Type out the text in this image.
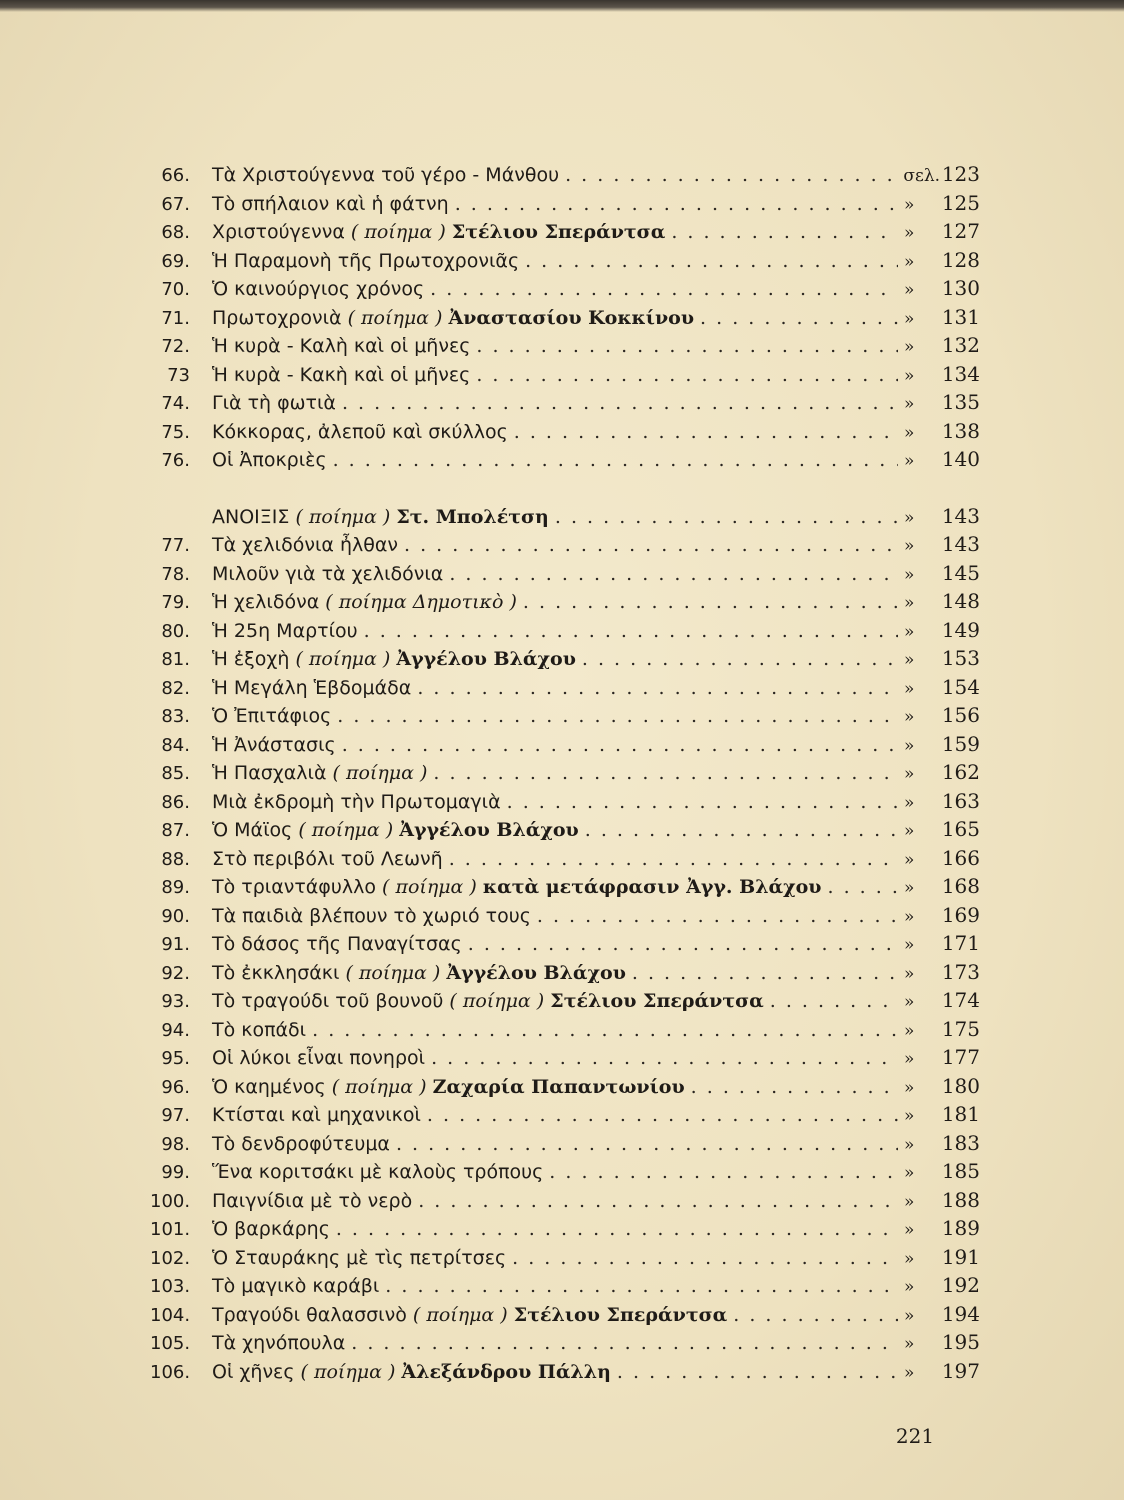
66. Τὰ Χριστούγεννα τοῦ γέρο - Μάνθου . . .	σελ. 123
67. Τὸ σπήλαιον καὶ ἡ φάτνη . . .	»	125
68. Χριστούγεννα ( ποίημα ) Στέλιου Σπεράντσα . . .	»	127
69. Ἡ Παραμονὴ τῆς Πρωτοχρονιᾶς . . .	»	128
70. Ὁ καινούργιος χρόνος . . .	»	130
71. Πρωτοχρονιὰ ( ποίημα ) Ἀναστασίου Κοκκίνου . . .	»	131
72. Ἡ κυρὰ - Καλὴ καὶ οἱ μῆνες . . .	»	132
73 Ἡ κυρὰ - Κακὴ καὶ οἱ μῆνες . . .	»	134
74. Γιὰ τὴ φωτιὰ . . .	»	135
75. Κόκκορας, ἀλεποῦ καὶ σκύλλος . . .	»	138
76. Οἱ Ἀποκριὲς . . .	»	140
ΑΝΟΙΞΙΣ ( ποίημα ) Στ. Μπολέτση . . .	»	143
77. Τὰ χελιδόνια ἦλθαν . . .	»	143
78. Μιλοῦν γιὰ τὰ χελιδόνια . . .	»	145
79. Ἡ χελιδόνα ( ποίημα Δημοτικὸ ) . . .	»	148
80. Ἡ 25η Μαρτίου . . .	»	149
81. Ἡ ἐξοχὴ ( ποίημα ) Ἀγγέλου Βλάχου . . .	»	153
82. Ἡ Μεγάλη Ἑβδομάδα . . .	»	154
83. Ὁ Ἐπιτάφιος . . .	»	156
84. Ἡ Ἀνάστασις . . .	»	159
85. Ἡ Πασχαλιὰ ( ποίημα ) . . .	»	162
86. Μιὰ ἐκδρομὴ τὴν Πρωτομαγιὰ . . .	»	163
87. Ὁ Μάϊος ( ποίημα ) Ἀγγέλου Βλάχου . . .	»	165
88. Στὸ περιβόλι τοῦ Λεωνῆ . . .	»	166
89. Τὸ τριαντάφυλλο ( ποίημα ) κατὰ μετάφρασιν Ἀγγ. Βλάχου . . .	»	168
90. Τὰ παιδιὰ βλέπουν τὸ χωριό τους . . .	»	169
91. Τὸ δάσος τῆς Παναγίτσας . . .	»	171
92. Τὸ ἐκκλησάκι ( ποίημα ) Ἀγγέλου Βλάχου . . .	»	173
93. Τὸ τραγούδι τοῦ βουνοῦ ( ποίημα ) Στέλιου Σπεράντσα . . .	»	174
94. Τὸ κοπάδι . . .	»	175
95. Οἱ λύκοι εἶναι πονηροὶ . . .	»	177
96. Ὁ καημένος ( ποίημα ) Ζαχαρία Παπαντωνίου . . .	»	180
97. Κτίσται καὶ μηχανικοὶ . . .	»	181
98. Τὸ δενδροφύτευμα . . .	»	183
99. Ἕνα κοριτσάκι μὲ καλοὺς τρόπους . . .	»	185
100. Παιγνίδια μὲ τὸ νερὸ . . .	»	188
101. Ὁ βαρκάρης . . .	»	189
102. Ὁ Σταυράκης μὲ τὶς πετρίτσες . . .	»	191
103. Τὸ μαγικὸ καράβι . . .	»	192
104. Τραγούδι θαλασσινὸ ( ποίημα ) Στέλιου Σπεράντσα . . .	»	194
105. Τὰ χηνόπουλα . . .	»	195
106. Οἱ χῆνες ( ποίημα ) Ἀλεξάνδρου Πάλλη . . .	»	197
221
